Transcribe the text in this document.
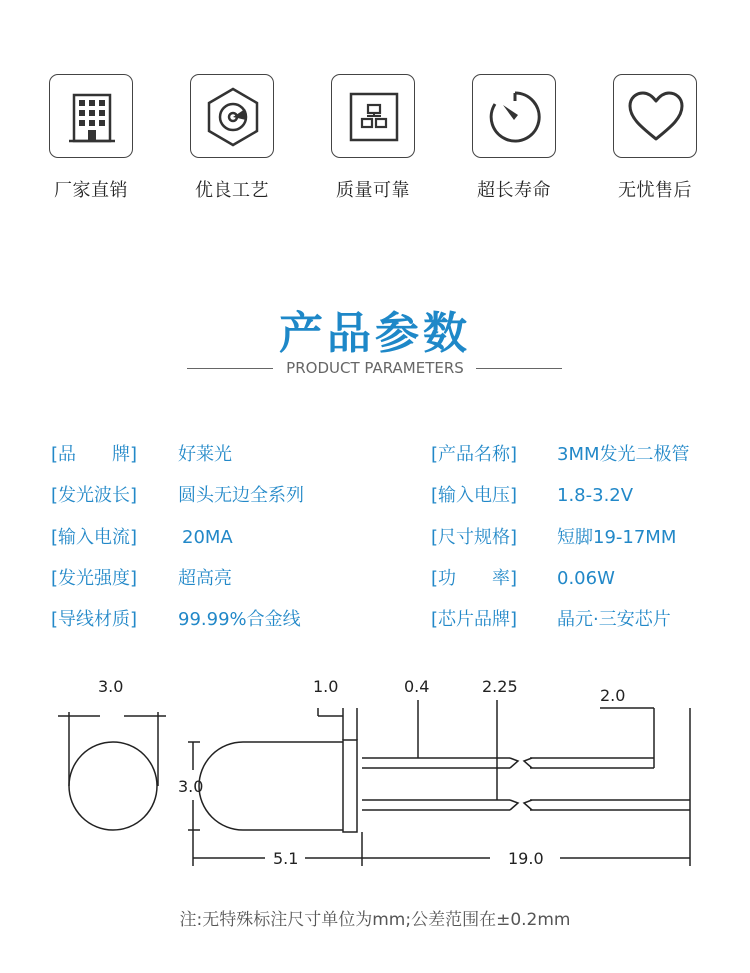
厂家直销	优良工艺	质量可靠	超长寿命	无忧售后
产品参数
PRODUCT PARAMETERS
[品　　牌] 好莱光	[产品名称] 3MM发光二极管
[发光波长] 圆头无边全系列	[输入电压] 1.8-3.2V
[输入电流] 20MA	[尺寸规格] 短脚19-17MM
[发光强度] 超高亮	[功　　率] 0.06W
[导线材质] 99.99%合金线	[芯片品牌] 晶元·三安芯片
3.0	1.0	0.4	2.25	2.0
3.0
5.1	19.0
注:无特殊标注尺寸单位为mm;公差范围在±0.2mm
